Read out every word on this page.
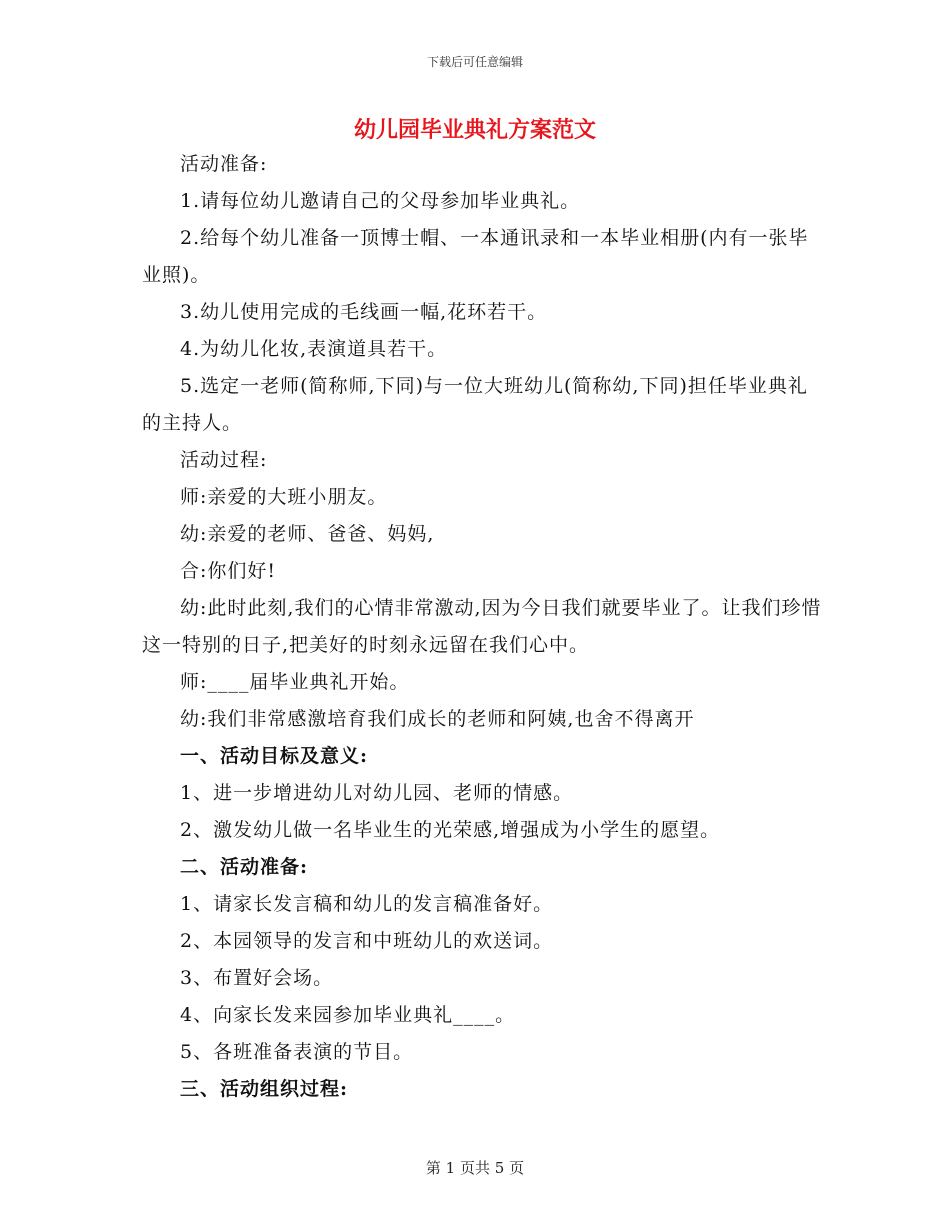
下载后可任意编辑
幼儿园毕业典礼方案范文

活动准备:

1.请每位幼儿邀请自己的父母参加毕业典礼。

2.给每个幼儿准备一顶博士帽、一本通讯录和一本毕业相册(内有一张毕业照)。

3.幼儿使用完成的毛线画一幅,花环若干。

4.为幼儿化妆,表演道具若干。

5.选定一老师(简称师,下同)与一位大班幼儿(简称幼,下同)担任毕业典礼的主持人。

活动过程:

师:亲爱的大班小朋友。

幼:亲爱的老师、爸爸、妈妈,

合:你们好!

幼:此时此刻,我们的心情非常激动,因为今日我们就要毕业了。让我们珍惜这一特别的日子,把美好的时刻永远留在我们心中。

师:____届毕业典礼开始。

幼:我们非常感激培育我们成长的老师和阿姨,也舍不得离开

一、活动目标及意义:

1、进一步增进幼儿对幼儿园、老师的情感。

2、激发幼儿做一名毕业生的光荣感,增强成为小学生的愿望。

二、活动准备:

1、请家长发言稿和幼儿的发言稿准备好。

2、本园领导的发言和中班幼儿的欢送词。

3、布置好会场。

4、向家长发来园参加毕业典礼____。

5、各班准备表演的节目。

三、活动组织过程:

第 1 页共 5 页
